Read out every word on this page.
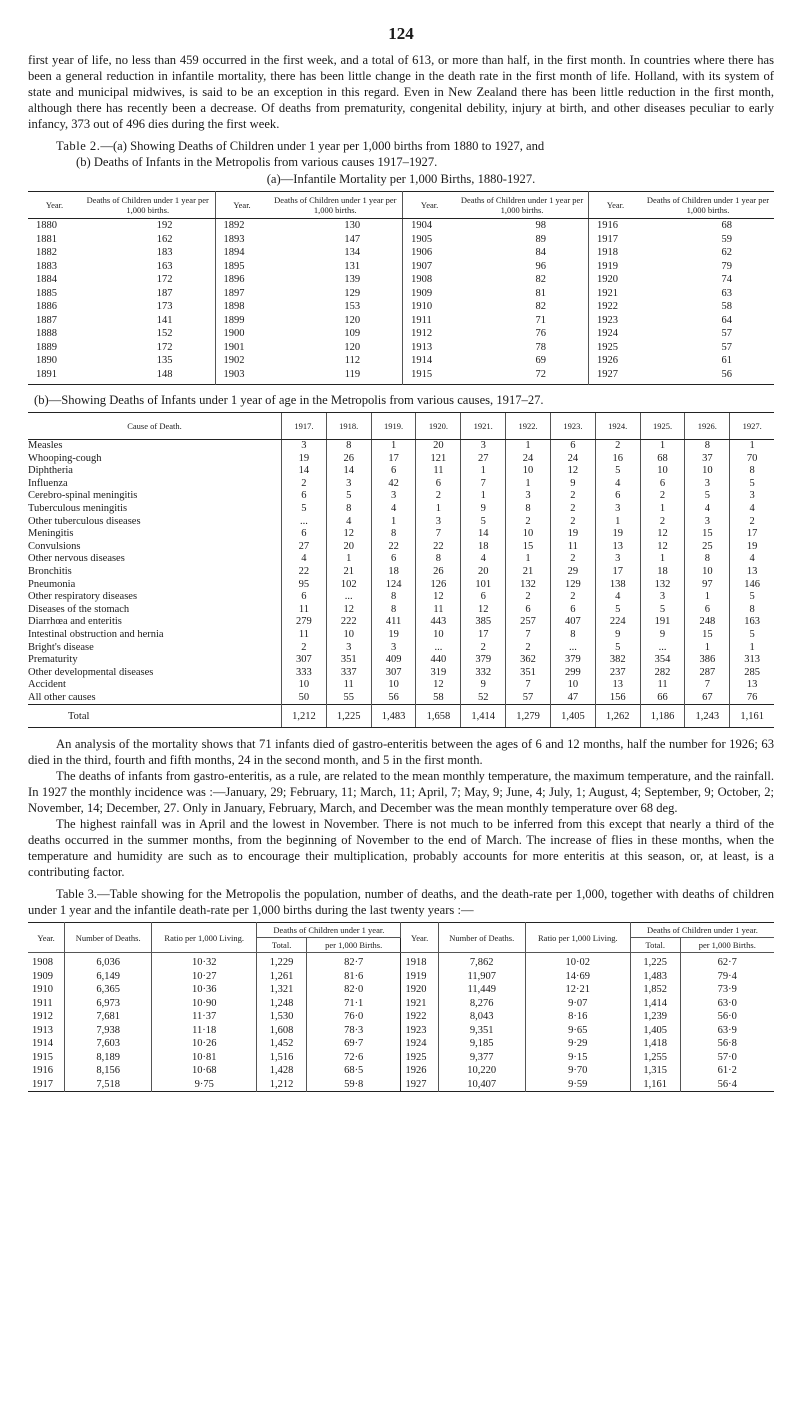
124

first year of life, no less than 459 occurred in the first week, and a total of 613, or more than half, in the first month. In countries where there has been a general reduction in infantile mortality, there has been little change in the death rate in the first month of life. Holland, with its system of state and municipal midwives, is said to be an exception in this regard. Even in New Zealand there has been little reduction in the first month, although there has recently been a decrease. Of deaths from prematurity, congenital debility, injury at birth, and other diseases peculiar to early infancy, 373 out of 496 dies during the first week.

Table 2.—(a) Showing Deaths of Children under 1 year per 1,000 births from 1880 to 1927, and
(b) Deaths of Infants in the Metropolis from various causes 1917–1927.
(a)—Infantile Mortality per 1,000 Births, 1880-1927.
Year.	Deaths of Children under 1 year per 1,000 births.	Year.	Deaths of Children under 1 year per 1,000 births.	Year.	Deaths of Children under 1 year per 1,000 births.	Year.	Deaths of Children under 1 year per 1,000 births.
1880	192	1892	130	1904	98	1916	68
1881	162	1893	147	1905	89	1917	59
1882	183	1894	134	1906	84	1918	62
1883	163	1895	131	1907	96	1919	79
1884	172	1896	139	1908	82	1920	74
1885	187	1897	129	1909	81	1921	63
1886	173	1898	153	1910	82	1922	58
1887	141	1899	120	1911	71	1923	64
1888	152	1900	109	1912	76	1924	57
1889	172	1901	120	1913	78	1925	57
1890	135	1902	112	1914	69	1926	61
1891	148	1903	119	1915	72	1927	56
(b)—Showing Deaths of Infants under 1 year of age in the Metropolis from various causes, 1917–27.
Cause of Death.	1917.	1918.	1919.	1920.	1921.	1922.	1923.	1924.	1925.	1926.	1927.
Measles	3	8	1	20	3	1	6	2	1	8	1
Whooping-cough	19	26	17	121	27	24	24	16	68	37	70
Diphtheria	14	14	6	11	1	10	12	5	10	10	8
Influenza	2	3	42	6	7	1	9	4	6	3	5
Cerebro-spinal meningitis	6	5	3	2	1	3	2	6	2	5	3
Tuberculous meningitis	5	8	4	1	9	8	2	3	1	4	4
Other tuberculous diseases	...	4	1	3	5	2	2	1	2	3	2
Meningitis	6	12	8	7	14	10	19	19	12	15	17
Convulsions	27	20	22	22	18	15	11	13	12	25	19
Other nervous diseases	4	1	6	8	4	1	2	3	1	8	4
Bronchitis	22	21	18	26	20	21	29	17	18	10	13
Pneumonia	95	102	124	126	101	132	129	138	132	97	146
Other respiratory diseases	6	...	8	12	6	2	2	4	3	1	5
Diseases of the stomach	11	12	8	11	12	6	6	5	5	6	8
Diarrhœa and enteritis	279	222	411	443	385	257	407	224	191	248	163
Intestinal obstruction and hernia	11	10	19	10	17	7	8	9	9	15	5
Bright's disease	2	3	3	...	2	2	...	5	...	1	1
Prematurity	307	351	409	440	379	362	379	382	354	386	313
Other developmental diseases	333	337	307	319	332	351	299	237	282	287	285
Accident	10	11	10	12	9	7	10	13	11	7	13
All other causes	50	55	56	58	52	57	47	156	66	67	76
Total	1,212	1,225	1,483	1,658	1,414	1,279	1,405	1,262	1,186	1,243	1,161

An analysis of the mortality shows that 71 infants died of gastro-enteritis between the ages of 6 and 12 months, half the number for 1926; 63 died in the third, fourth and fifth months, 24 in the second month, and 5 in the first month.

The deaths of infants from gastro-enteritis, as a rule, are related to the mean monthly temperature, the maximum temperature, and the rainfall. In 1927 the monthly incidence was :—January, 29; February, 11; March, 11; April, 7; May, 9; June, 4; July, 1; August, 4; September, 9; October, 2; November, 14; December, 27. Only in January, February, March, and December was the mean monthly temperature over 68 deg.

The highest rainfall was in April and the lowest in November. There is not much to be inferred from this except that nearly a third of the deaths occurred in the summer months, from the beginning of November to the end of March. The increase of flies in these months, when the temperature and humidity are such as to encourage their multiplication, probably accounts for more enteritis at this season, or, at least, is a contributing factor.

Table 3.—Table showing for the Metropolis the population, number of deaths, and the death-rate per 1,000, together with deaths of children under 1 year and the infantile death-rate per 1,000 births during the last twenty years :—

Year.	Number of Deaths.	Ratio per 1,000 Living.	Deaths of Children under 1 year.		Year.	Number of Deaths.	Ratio per 1,000 Living.	Deaths of Children under 1 year.	
			Total.	per 1,000 Births.				Total.	per 1,000 Births.
1908	6,036	10·32	1,229	82·7	1918	7,862	10·02	1,225	62·7
1909	6,149	10·27	1,261	81·6	1919	11,907	14·69	1,483	79·4
1910	6,365	10·36	1,321	82·0	1920	11,449	12·21	1,852	73·9
1911	6,973	10·90	1,248	71·1	1921	8,276	9·07	1,414	63·0
1912	7,681	11·37	1,530	76·0	1922	8,043	8·16	1,239	56·0
1913	7,938	11·18	1,608	78·3	1923	9,351	9·65	1,405	63·9
1914	7,603	10·26	1,452	69·7	1924	9,185	9·29	1,418	56·8
1915	8,189	10·81	1,516	72·6	1925	9,377	9·15	1,255	57·0
1916	8,156	10·68	1,428	68·5	1926	10,220	9·70	1,315	61·2
1917	7,518	9·75	1,212	59·8	1927	10,407	9·59	1,161	56·4
